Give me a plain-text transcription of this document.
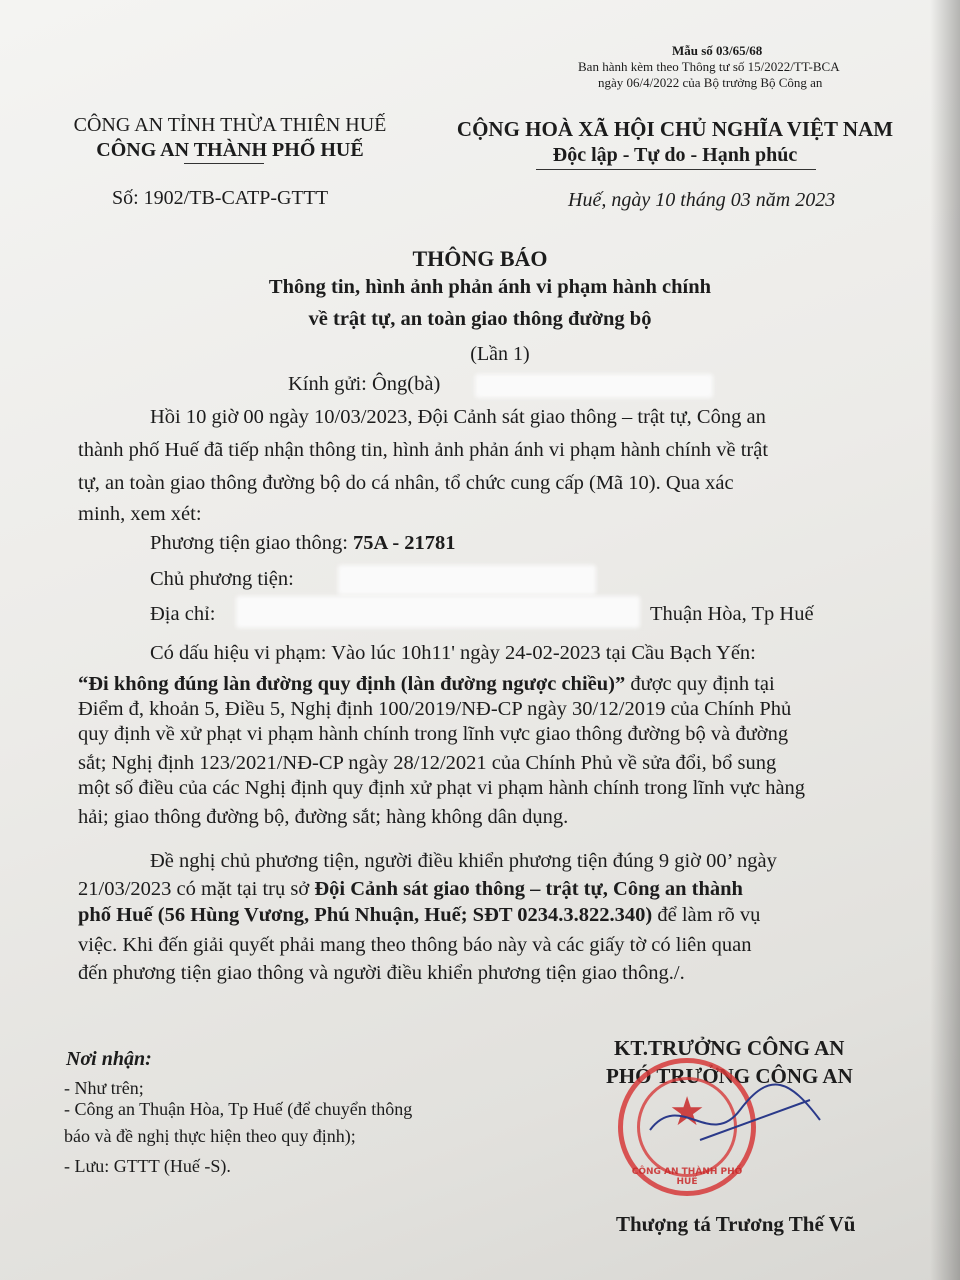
Mẫu số 03/65/68
Ban hành kèm theo Thông tư số 15/2022/TT-BCA
ngày 06/4/2022 của Bộ trưởng Bộ Công an
CÔNG AN TỈNH THỪA THIÊN HUẾ
CÔNG AN THÀNH PHỐ HUẾ
Số: 1902/TB-CATP-GTTT
CỘNG HOÀ XÃ HỘI CHỦ NGHĨA VIỆT NAM
Độc lập - Tự do - Hạnh phúc
Huế, ngày 10 tháng 03 năm 2023
THÔNG BÁO
Thông tin, hình ảnh phản ánh vi phạm hành chính
về trật tự, an toàn giao thông đường bộ
(Lần 1)
Kính gửi: Ông(bà)
Hồi 10 giờ 00 ngày 10/03/2023, Đội Cảnh sát giao thông – trật tự, Công an
thành phố Huế đã tiếp nhận thông tin, hình ảnh phản ánh vi phạm hành chính về trật
tự, an toàn giao thông đường bộ do cá nhân, tổ chức cung cấp (Mã 10). Qua xác
minh, xem xét:
Phương tiện giao thông: 75A - 21781
Chủ phương tiện:
Địa chỉ:	Thuận Hòa, Tp Huế
Có dấu hiệu vi phạm: Vào lúc 10h11' ngày 24-02-2023 tại Cầu Bạch Yến:
“Đi không đúng làn đường quy định (làn đường ngược chiều)” được quy định tại
Điểm đ, khoản 5, Điều 5, Nghị định 100/2019/NĐ-CP ngày 30/12/2019 của Chính Phủ
quy định về xử phạt vi phạm hành chính trong lĩnh vực giao thông đường bộ và đường
sắt; Nghị định 123/2021/NĐ-CP ngày 28/12/2021 của Chính Phủ về sửa đổi, bổ sung
một số điều của các Nghị định quy định xử phạt vi phạm hành chính trong lĩnh vực hàng
hải; giao thông đường bộ, đường sắt; hàng không dân dụng.
Đề nghị chủ phương tiện, người điều khiển phương tiện đúng 9 giờ 00’ ngày
21/03/2023 có mặt tại trụ sở Đội Cảnh sát giao thông – trật tự, Công an thành
phố Huế (56 Hùng Vương, Phú Nhuận, Huế; SĐT 0234.3.822.340) để làm rõ vụ
việc. Khi đến giải quyết phải mang theo thông báo này và các giấy tờ có liên quan
đến phương tiện giao thông và người điều khiển phương tiện giao thông./.
Nơi nhận:
- Như trên;
- Công an Thuận Hòa, Tp Huế (để chuyển thông
báo và đề nghị thực hiện theo quy định);
- Lưu: GTTT (Huế -S).
KT.TRƯỞNG CÔNG AN
PHÓ TRƯỞNG CÔNG AN
★
CÔNG AN THÀNH PHỐ HUẾ
Thượng tá Trương Thế Vũ
